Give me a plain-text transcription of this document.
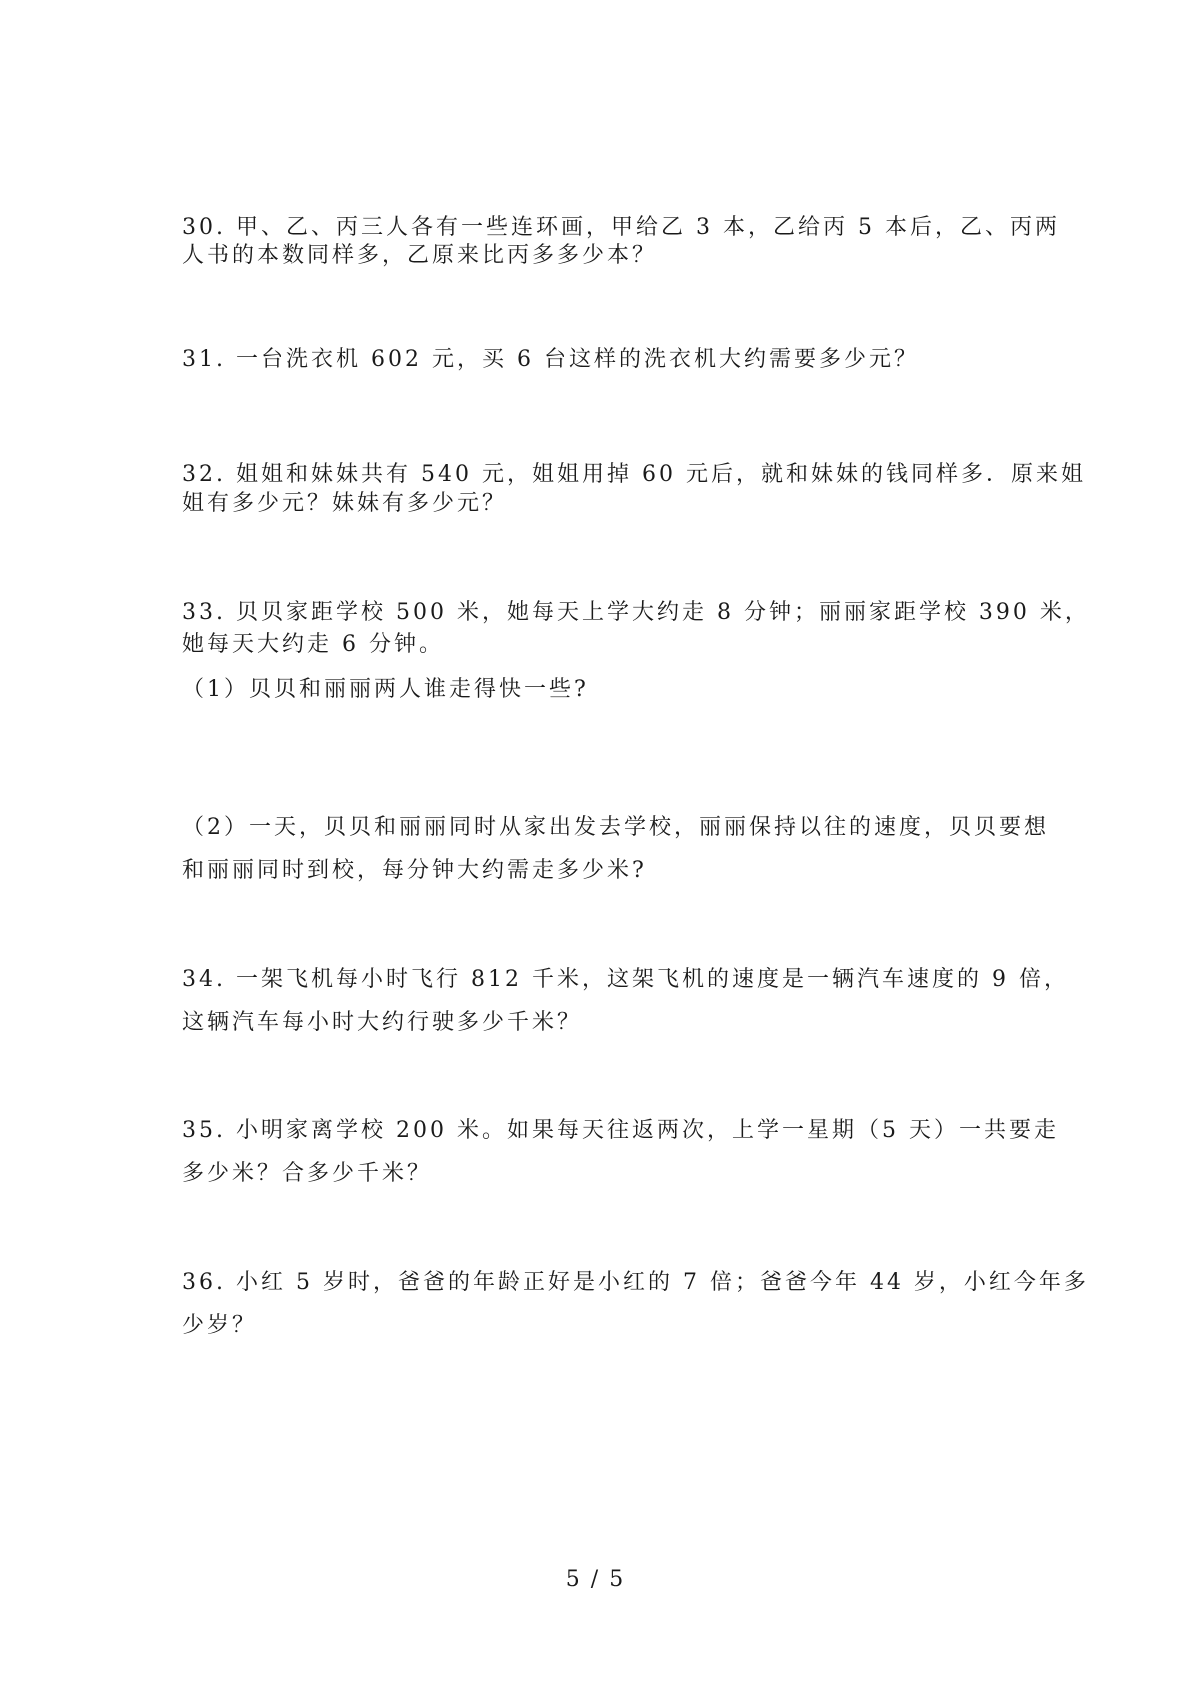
30. 甲、乙、丙三人各有一些连环画，甲给乙 3 本，乙给丙 5 本后，乙、丙两
人书的本数同样多，乙原来比丙多多少本？
31. 一台洗衣机 602 元，买 6 台这样的洗衣机大约需要多少元？
32. 姐姐和妹妹共有 540 元，姐姐用掉 60 元后，就和妹妹的钱同样多．原来姐
姐有多少元？妹妹有多少元？
33. 贝贝家距学校 500 米，她每天上学大约走 8 分钟；丽丽家距学校 390 米，
她每天大约走 6 分钟。
（1）贝贝和丽丽两人谁走得快一些?
（2）一天，贝贝和丽丽同时从家出发去学校，丽丽保持以往的速度，贝贝要想
和丽丽同时到校，每分钟大约需走多少米?
34. 一架飞机每小时飞行 812 千米，这架飞机的速度是一辆汽车速度的 9 倍，
这辆汽车每小时大约行驶多少千米？
35. 小明家离学校 200 米。如果每天往返两次，上学一星期（5 天）一共要走
多少米？合多少千米？
36. 小红 5 岁时，爸爸的年龄正好是小红的 7 倍；爸爸今年 44 岁，小红今年多
少岁？
5 / 5
